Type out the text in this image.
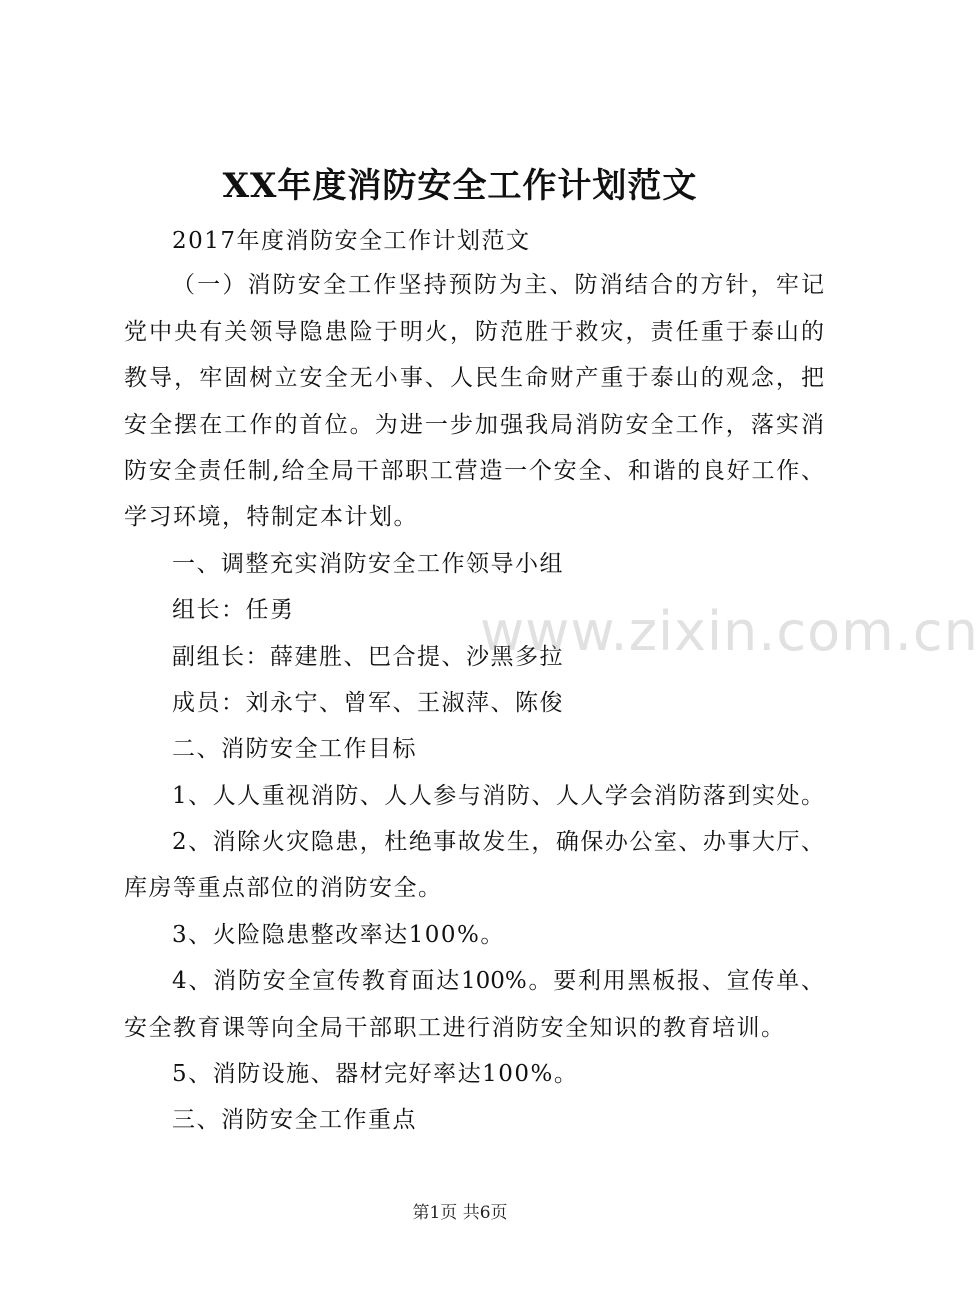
XX年度消防安全工作计划范文
2017年度消防安全工作计划范文
（一）消防安全工作坚持预防为主、防消结合的方针，牢记
党中央有关领导隐患险于明火，防范胜于救灾，责任重于泰山的
教导，牢固树立安全无小事、人民生命财产重于泰山的观念，把
安全摆在工作的首位。为进一步加强我局消防安全工作，落实消
防安全责任制,给全局干部职工营造一个安全、和谐的良好工作、
学习环境，特制定本计划。
一、调整充实消防安全工作领导小组
组长：任勇
副组长：薛建胜、巴合提、沙黑多拉
成员：刘永宁、曾军、王淑萍、陈俊
二、消防安全工作目标
1、人人重视消防、人人参与消防、人人学会消防落到实处。
2、消除火灾隐患，杜绝事故发生，确保办公室、办事大厅、
库房等重点部位的消防安全。
3、火险隐患整改率达100%。
4、消防安全宣传教育面达100%。要利用黑板报、宣传单、
安全教育课等向全局干部职工进行消防安全知识的教育培训。
5、消防设施、器材完好率达100%。
三、消防安全工作重点
www.zixin.com.cn
第1页 共6页
